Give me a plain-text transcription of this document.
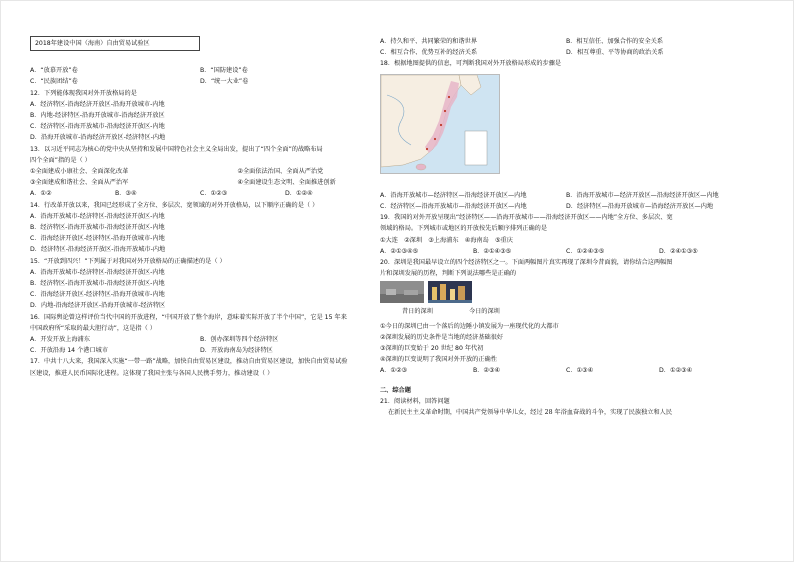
2018年建设中国（海南）自由贸易试验区
A．“放慕开放”卷	B．“国防建设”卷
C．“民族团结”卷	D．“统一大业”卷
12．下列能体现我国对外开放格局的是
A．经济特区-沿海经济开放区-沿海开放城市-内地
B．内地-经济特区-沿海开放城市-沿海经济开放区
C．经济特区-沿海开放城市-沿海经济开放区-内地
D．沿海开放城市-沿海经济开放区-经济特区-内地
13．以习近平同志为核心的党中央从坚持和发展中国特色社会主义全局出发，提出了“四个全面”的战略布局
四个全面”指的是（ ）
①全面建成小康社会、全面深化改革	②全面依法治国、全面从严治党
③全面建成和谐社会、全面从严治军	④全面建设生态文明、全面推进创新
A．①②	B．③④	C．①②③	D．①②④
14．行改革开放以来，我国已经形成了全方位、多层次、宽领域的对外开放格局，以下顺序正确的是（ ）
A．沿海开放城市-经济特区-沿海经济开放区-内地
B．经济特区-沿海开放城市-沿海经济开放区-内地
C．沿海经济开放区-经济特区-沿海开放城市-内地
D．经济特区-沿海经济开放区-沿海开放城市-内地
15．“开放到四兴！”下列属于对我国对外开放格局的正确描述的是（ ）
A．沿海开放城市-经济特区-沿海经济开放区-内地
B．经济特区-沿海开放城市-沿海经济开放区-内地
C．沿海经济开放区-经济特区-沿海开放城市-内地
D．内地-沿海经济开放区-沿海开放城市-经济特区
16．国际舆论曾这样评价当代中国的开放进程，“中国开放了整个海岸，意味着实际开放了半个中国”，它是 15 年来
中国政府所“采取的最大胆行动”，这是指（ ）
A．开发开放上海浦东	B．创办深圳等四个经济特区
C．开放沿海 14 个港口城市	D．开放海南岛为经济特区
17．中共十八大来，我国深入实施“一带一路”战略，加快自由贸易区建设，推动自由贸易区建设，加快自由贸易试验
区建设，推进人民币国际化进程。这体现了我国主张与各国人民携手努力，推动建设（ ）
A．持久和平、共同繁荣的和谐世界	B．相互信任、加强合作的安全关系
C．相互合作、优势互补的经济关系	D．相互尊重、平等协商的政治关系
18．根据地图提供的信息，可判断我国对外开放格局形成的步骤是
A．沿海开放城市—经济特区—沿海经济开放区—内地	B．沿海开放城市—经济开放区—沿海经济开放区—内地
C．经济特区—沿海开放城市—沿海经济开放区—内地	D．经济特区—沿海开放城市—沿海经济开放区—内地
19．我国的对外开放呈现出“经济特区——沿海开放城市——沿海经济开放区——内地”全方位、多层次、宽
领域的格局。下列城市或地区的开放按先后顺序排列正确的是
①大连　②深圳　③上海浦东　④海南岛　⑤重庆
A．②①③④⑤	B．②①④③⑤	C．①②④③⑤	D．②④①③⑤
20．深圳是我国最早设立的四个经济特区之一。下面两幅图片真实再现了深圳今昔面貌，请你结合这两幅图
片和深圳发展的历程，判断下列说法哪些是正确的
昔日的深圳	今日的深圳
①今日的深圳已由一个落后的边陲小镇发展为一座现代化的大都市
②深圳发展的历史条件是当地的经济基础很好
③深圳的巨变始于 20 世纪 80 年代初
④深圳的巨变说明了我国对外开放的正确性
A．①②③	B．②③④	C．①③④	D．①②③④
二、综合题
21．阅读材料，回答问题
在新民主主义革命时期，中国共产党领导中华儿女，经过 28 年浴血奋战的斗争，实现了民族独立和人民
